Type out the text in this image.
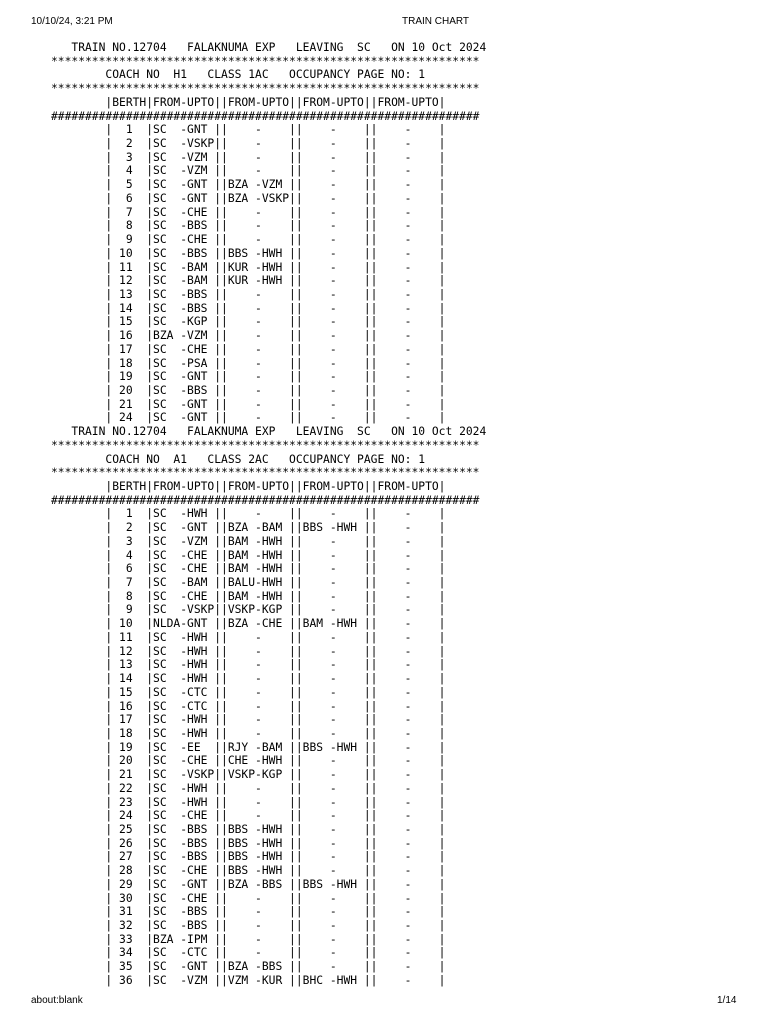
10/10/24, 3:21 PM	TRAIN CHART
TRAIN NO.12704   FALAKNUMA EXP   LEAVING  SC   ON 10 Oct 2024
***************************************************************
COACH NO  H1   CLASS 1AC   OCCUPANCY PAGE NO: 1
***************************************************************
|BERTH|FROM-UPTO||FROM-UPTO||FROM-UPTO||FROM-UPTO|
###############################################################
|  1  |SC  -GNT ||    -    ||    -    ||    -    |
|  2  |SC  -VSKP||    -    ||    -    ||    -    |
|  3  |SC  -VZM ||    -    ||    -    ||    -    |
|  4  |SC  -VZM ||    -    ||    -    ||    -    |
|  5  |SC  -GNT ||BZA -VZM ||    -    ||    -    |
|  6  |SC  -GNT ||BZA -VSKP||    -    ||    -    |
|  7  |SC  -CHE ||    -    ||    -    ||    -    |
|  8  |SC  -BBS ||    -    ||    -    ||    -    |
|  9  |SC  -CHE ||    -    ||    -    ||    -    |
| 10  |SC  -BBS ||BBS -HWH ||    -    ||    -    |
| 11  |SC  -BAM ||KUR -HWH ||    -    ||    -    |
| 12  |SC  -BAM ||KUR -HWH ||    -    ||    -    |
| 13  |SC  -BBS ||    -    ||    -    ||    -    |
| 14  |SC  -BBS ||    -    ||    -    ||    -    |
| 15  |SC  -KGP ||    -    ||    -    ||    -    |
| 16  |BZA -VZM ||    -    ||    -    ||    -    |
| 17  |SC  -CHE ||    -    ||    -    ||    -    |
| 18  |SC  -PSA ||    -    ||    -    ||    -    |
| 19  |SC  -GNT ||    -    ||    -    ||    -    |
| 20  |SC  -BBS ||    -    ||    -    ||    -    |
| 21  |SC  -GNT ||    -    ||    -    ||    -    |
| 24  |SC  -GNT ||    -    ||    -    ||    -    |
TRAIN NO.12704   FALAKNUMA EXP   LEAVING  SC   ON 10 Oct 2024
***************************************************************
COACH NO  A1   CLASS 2AC   OCCUPANCY PAGE NO: 1
***************************************************************
|BERTH|FROM-UPTO||FROM-UPTO||FROM-UPTO||FROM-UPTO|
###############################################################
|  1  |SC  -HWH ||    -    ||    -    ||    -    |
|  2  |SC  -GNT ||BZA -BAM ||BBS -HWH ||    -    |
|  3  |SC  -VZM ||BAM -HWH ||    -    ||    -    |
|  4  |SC  -CHE ||BAM -HWH ||    -    ||    -    |
|  6  |SC  -CHE ||BAM -HWH ||    -    ||    -    |
|  7  |SC  -BAM ||BALU-HWH ||    -    ||    -    |
|  8  |SC  -CHE ||BAM -HWH ||    -    ||    -    |
|  9  |SC  -VSKP||VSKP-KGP ||    -    ||    -    |
| 10  |NLDA-GNT ||BZA -CHE ||BAM -HWH ||    -    |
| 11  |SC  -HWH ||    -    ||    -    ||    -    |
| 12  |SC  -HWH ||    -    ||    -    ||    -    |
| 13  |SC  -HWH ||    -    ||    -    ||    -    |
| 14  |SC  -HWH ||    -    ||    -    ||    -    |
| 15  |SC  -CTC ||    -    ||    -    ||    -    |
| 16  |SC  -CTC ||    -    ||    -    ||    -    |
| 17  |SC  -HWH ||    -    ||    -    ||    -    |
| 18  |SC  -HWH ||    -    ||    -    ||    -    |
| 19  |SC  -EE  ||RJY -BAM ||BBS -HWH ||    -    |
| 20  |SC  -CHE ||CHE -HWH ||    -    ||    -    |
| 21  |SC  -VSKP||VSKP-KGP ||    -    ||    -    |
| 22  |SC  -HWH ||    -    ||    -    ||    -    |
| 23  |SC  -HWH ||    -    ||    -    ||    -    |
| 24  |SC  -CHE ||    -    ||    -    ||    -    |
| 25  |SC  -BBS ||BBS -HWH ||    -    ||    -    |
| 26  |SC  -BBS ||BBS -HWH ||    -    ||    -    |
| 27  |SC  -BBS ||BBS -HWH ||    -    ||    -    |
| 28  |SC  -CHE ||BBS -HWH ||    -    ||    -    |
| 29  |SC  -GNT ||BZA -BBS ||BBS -HWH ||    -    |
| 30  |SC  -CHE ||    -    ||    -    ||    -    |
| 31  |SC  -BBS ||    -    ||    -    ||    -    |
| 32  |SC  -BBS ||    -    ||    -    ||    -    |
| 33  |BZA -IPM ||    -    ||    -    ||    -    |
| 34  |SC  -CTC ||    -    ||    -    ||    -    |
| 35  |SC  -GNT ||BZA -BBS ||    -    ||    -    |
| 36  |SC  -VZM ||VZM -KUR ||BHC -HWH ||    -    |
about:blank	1/14
